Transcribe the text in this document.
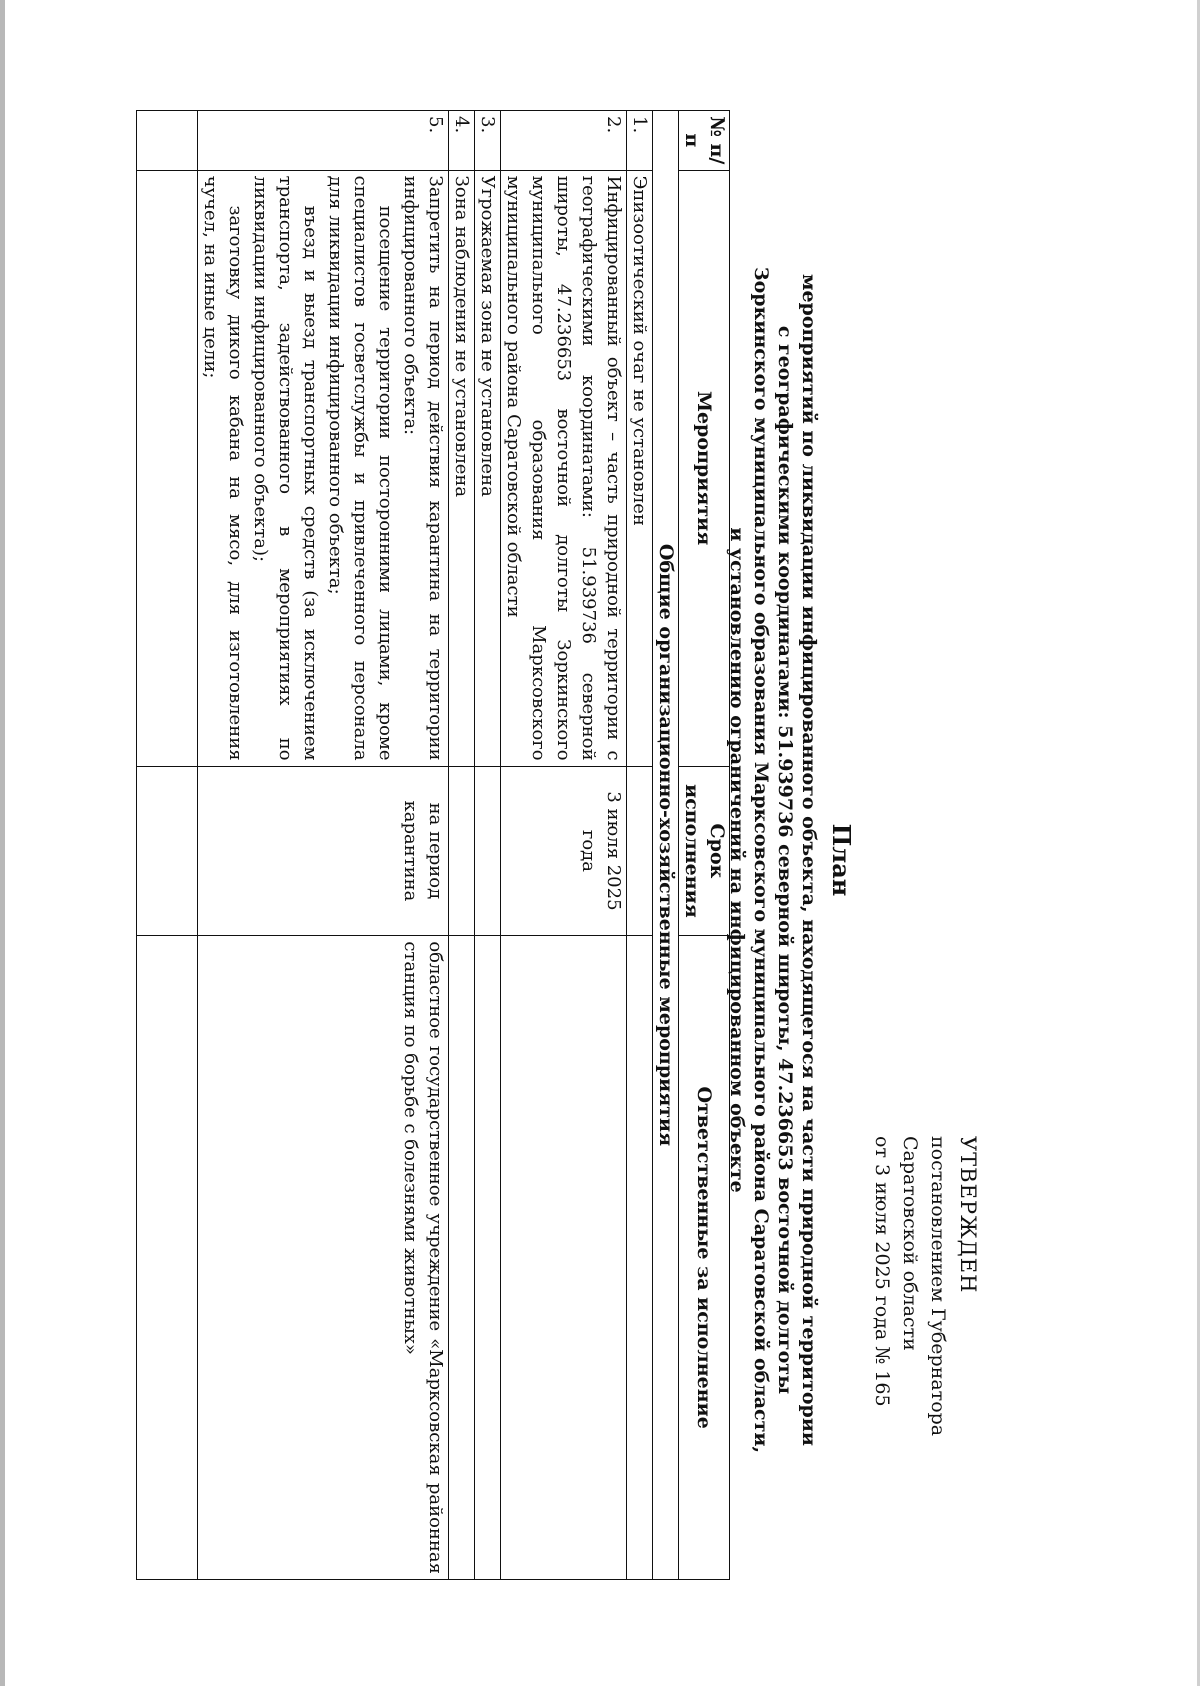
УТВЕРЖДЕН
постановлением Губернатора
Саратовской области
от 3 июля 2025 года № 165
План
мероприятий по ликвидации инфицированного объекта, находящегося на части природной территории
с географическими координатами: 51.939736 северной широты, 47.236653 восточной долготы
Зоркинского муниципального образования Марксовского муниципального района Саратовской области,
и установлению ограничений на инфицированном объекте
№ п/п	Мероприятия	Срок исполнения	Ответственные за исполнение
Общие организационно-хозяйственные мероприятия			
1.	Эпизоотический очаг не установлен		
2.	Инфицированный объект – часть природной территории с географическими координатами: 51.939736 северной широты, 47.236653 восточной долготы Зоркинского муниципального образования Марксовского муниципального района Саратовской области	3 июля 2025 года	
3.	Угрожаемая зона не установлена		
4.	Зона наблюдения не установлена		
5.	Запретить на период действия карантина на территории инфицированного объекта:
посещение территории посторонними лицами, кроме специалистов госветслужбы и привлеченного персонала для ликвидации инфицированного объекта;
въезд и выезд транспортных средств (за исключением транспорта, задействованного в мероприятиях по ликвидации инфицированного объекта);
заготовку дикого кабана на мясо, для изготовления чучел, на иные цели;	на период карантина	областное государственное учреждение «Марксовская районная станция по борьбе с болезнями животных»
